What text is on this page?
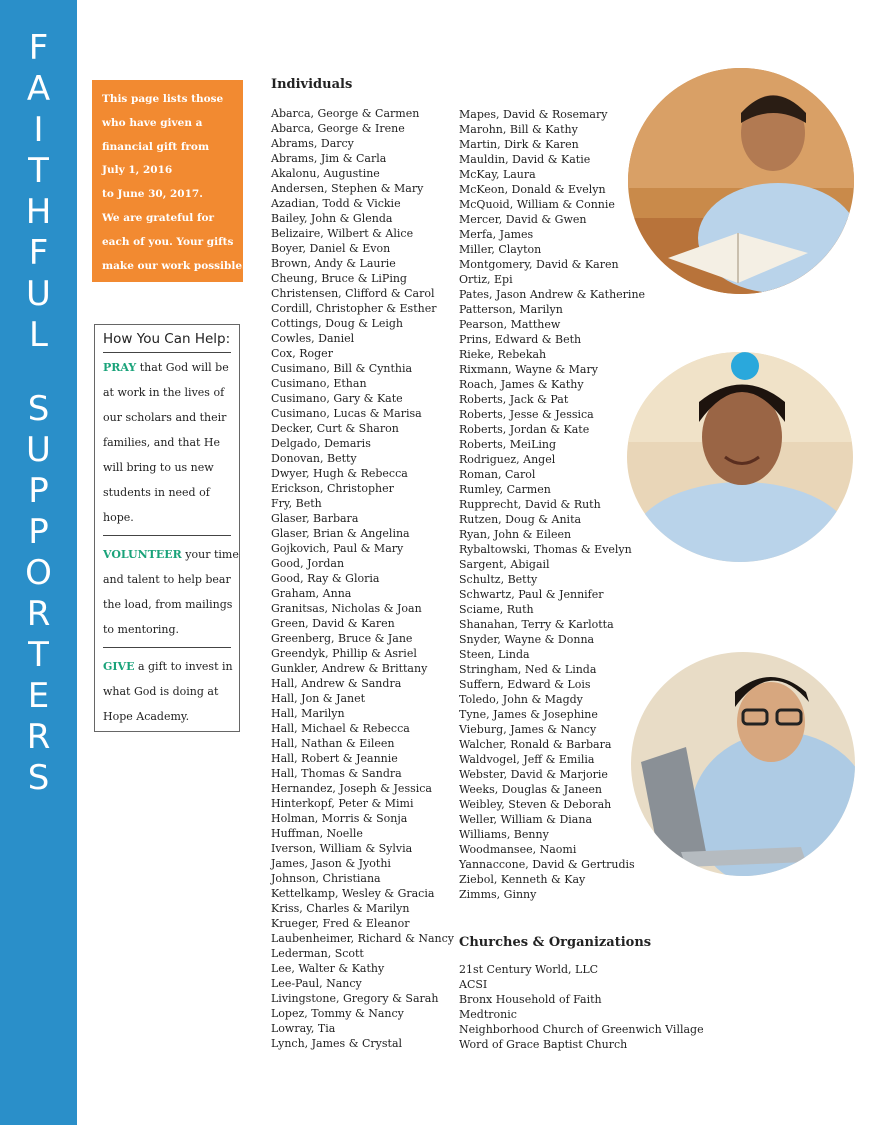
F
A
I
T
H
F
U
L

S
U
P
P
O
R
T
E
R
S
This page lists those
who have given a
financial gift from
July 1, 2016
to June 30, 2017.
We are grateful for
each of you. Your gifts
make our work possible.
How You Can Help:
PRAY that God will be
at work in the lives of
our scholars and their
families, and that He
will bring to us new
students in need of
hope.
VOLUNTEER your time
and talent to help bear
the load, from mailings
to mentoring.
GIVE a gift to invest in
what God is doing at
Hope Academy.
Individuals
Abarca, George & Carmen
Abarca, George & Irene
Abrams, Darcy
Abrams, Jim & Carla
Akalonu, Augustine
Andersen, Stephen & Mary
Azadian, Todd & Vickie
Bailey, John & Glenda
Belizaire, Wilbert & Alice
Boyer, Daniel & Evon
Brown, Andy & Laurie
Cheung, Bruce & LiPing
Christensen, Clifford & Carol
Cordill, Christopher & Esther
Cottings, Doug & Leigh
Cowles, Daniel
Cox, Roger
Cusimano, Bill & Cynthia
Cusimano, Ethan
Cusimano, Gary & Kate
Cusimano, Lucas & Marisa
Decker, Curt & Sharon
Delgado, Demaris
Donovan, Betty
Dwyer, Hugh & Rebecca
Erickson, Christopher
Fry, Beth
Glaser, Barbara
Glaser, Brian & Angelina
Gojkovich, Paul & Mary
Good, Jordan
Good, Ray & Gloria
Graham, Anna
Granitsas, Nicholas & Joan
Green, David & Karen
Greenberg, Bruce & Jane
Greendyk, Phillip & Asriel
Gunkler, Andrew & Brittany
Hall, Andrew & Sandra
Hall, Jon & Janet
Hall, Marilyn
Hall, Michael & Rebecca
Hall, Nathan & Eileen
Hall, Robert & Jeannie
Hall, Thomas & Sandra
Hernandez, Joseph & Jessica
Hinterkopf, Peter & Mimi
Holman, Morris & Sonja
Huffman, Noelle
Iverson, William & Sylvia
James, Jason & Jyothi
Johnson, Christiana
Kettelkamp, Wesley & Gracia
Kriss, Charles & Marilyn
Krueger, Fred & Eleanor
Laubenheimer, Richard & Nancy
Lederman, Scott
Lee, Walter & Kathy
Lee-Paul, Nancy
Livingstone, Gregory & Sarah
Lopez, Tommy & Nancy
Lowray, Tia
Lynch, James & Crystal
Mapes, David & Rosemary
Marohn, Bill & Kathy
Martin, Dirk & Karen
Mauldin, David & Katie
McKay, Laura
McKeon, Donald & Evelyn
McQuoid, William & Connie
Mercer, David & Gwen
Merfa, James
Miller, Clayton
Montgomery, David & Karen
Ortiz, Epi
Pates, Jason Andrew & Katherine
Patterson, Marilyn
Pearson, Matthew
Prins, Edward & Beth
Rieke, Rebekah
Rixmann, Wayne & Mary
Roach, James & Kathy
Roberts, Jack & Pat
Roberts, Jesse & Jessica
Roberts, Jordan & Kate
Roberts, MeiLing
Rodriguez, Angel
Roman, Carol
Rumley, Carmen
Rupprecht, David & Ruth
Rutzen, Doug & Anita
Ryan, John & Eileen
Rybaltowski, Thomas & Evelyn
Sargent, Abigail
Schultz, Betty
Schwartz, Paul & Jennifer
Sciame, Ruth
Shanahan, Terry & Karlotta
Snyder, Wayne & Donna
Steen, Linda
Stringham, Ned & Linda
Suffern, Edward & Lois
Toledo, John & Magdy
Tyne, James & Josephine
Vieburg, James & Nancy
Walcher, Ronald & Barbara
Waldvogel, Jeff & Emilia
Webster, David & Marjorie
Weeks, Douglas & Janeen
Weibley, Steven & Deborah
Weller, William & Diana
Williams, Benny
Woodmansee, Naomi
Yannaccone, David & Gertrudis
Ziebol, Kenneth & Kay
Zimms, Ginny
Churches & Organizations
21st Century World, LLC
ACSI
Bronx Household of Faith
Medtronic
Neighborhood Church of Greenwich Village
Word of Grace Baptist Church
